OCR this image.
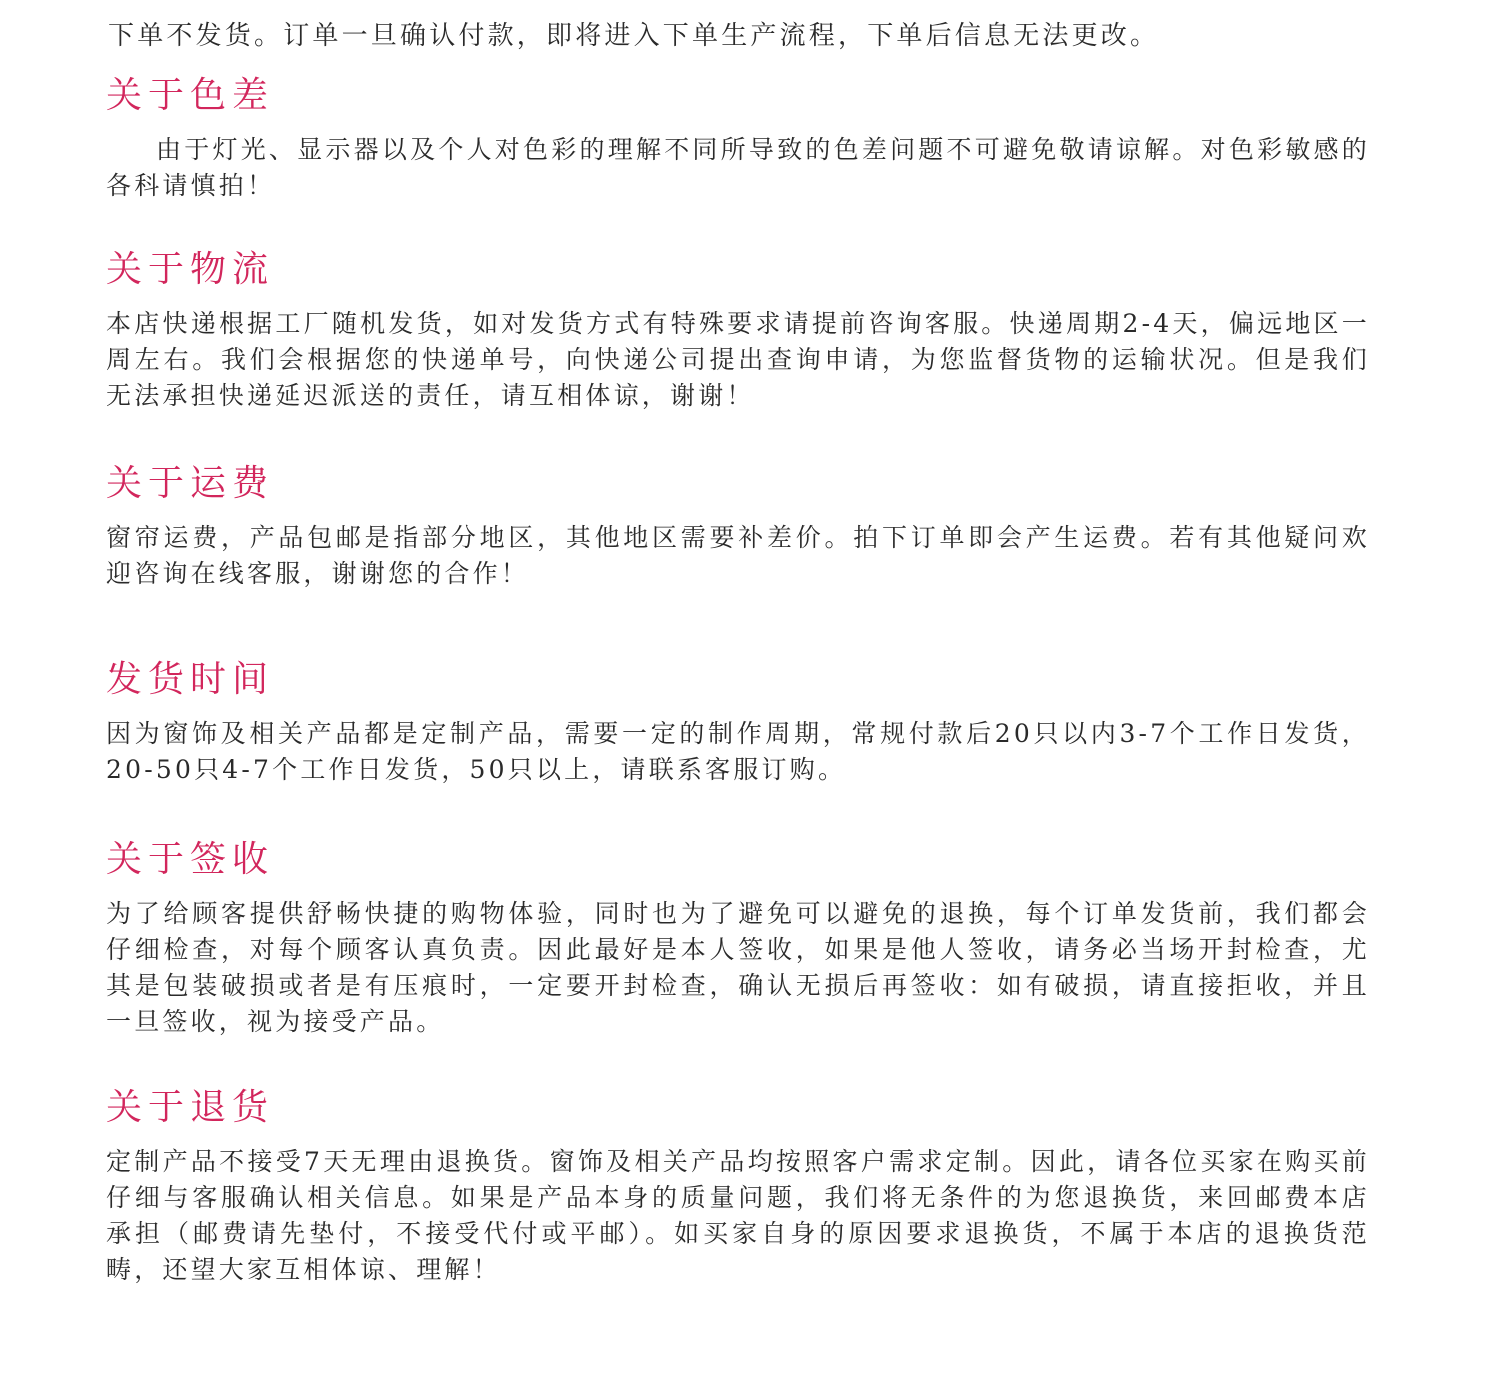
下单不发货。订单一旦确认付款，即将进入下单生产流程，下单后信息无法更改。
关于色差

由于灯光、显示器以及个人对色彩的理解不同所导致的色差问题不可避免敬请谅解。对色彩敏感的各科请慎拍！

关于物流

本店快递根据工厂随机发货，如对发货方式有特殊要求请提前咨询客服。快递周期2-4天，偏远地区一周左右。我们会根据您的快递单号，向快递公司提出查询申请，为您监督货物的运输状况。但是我们无法承担快递延迟派送的责任，请互相体谅，谢谢！

关于运费

窗帘运费，产品包邮是指部分地区，其他地区需要补差价。拍下订单即会产生运费。若有其他疑问欢迎咨询在线客服，谢谢您的合作！

发货时间

因为窗饰及相关产品都是定制产品，需要一定的制作周期，常规付款后20只以内3-7个工作日发货，20-50只4-7个工作日发货，50只以上，请联系客服订购。

关于签收

为了给顾客提供舒畅快捷的购物体验，同时也为了避免可以避免的退换，每个订单发货前，我们都会仔细检查，对每个顾客认真负责。因此最好是本人签收，如果是他人签收，请务必当场开封检查，尤其是包装破损或者是有压痕时，一定要开封检查，确认无损后再签收：如有破损，请直接拒收，并且一旦签收，视为接受产品。

关于退货

定制产品不接受7天无理由退换货。窗饰及相关产品均按照客户需求定制。因此，请各位买家在购买前仔细与客服确认相关信息。如果是产品本身的质量问题，我们将无条件的为您退换货，来回邮费本店承担（邮费请先垫付，不接受代付或平邮）。如买家自身的原因要求退换货，不属于本店的退换货范畴，还望大家互相体谅、理解！
